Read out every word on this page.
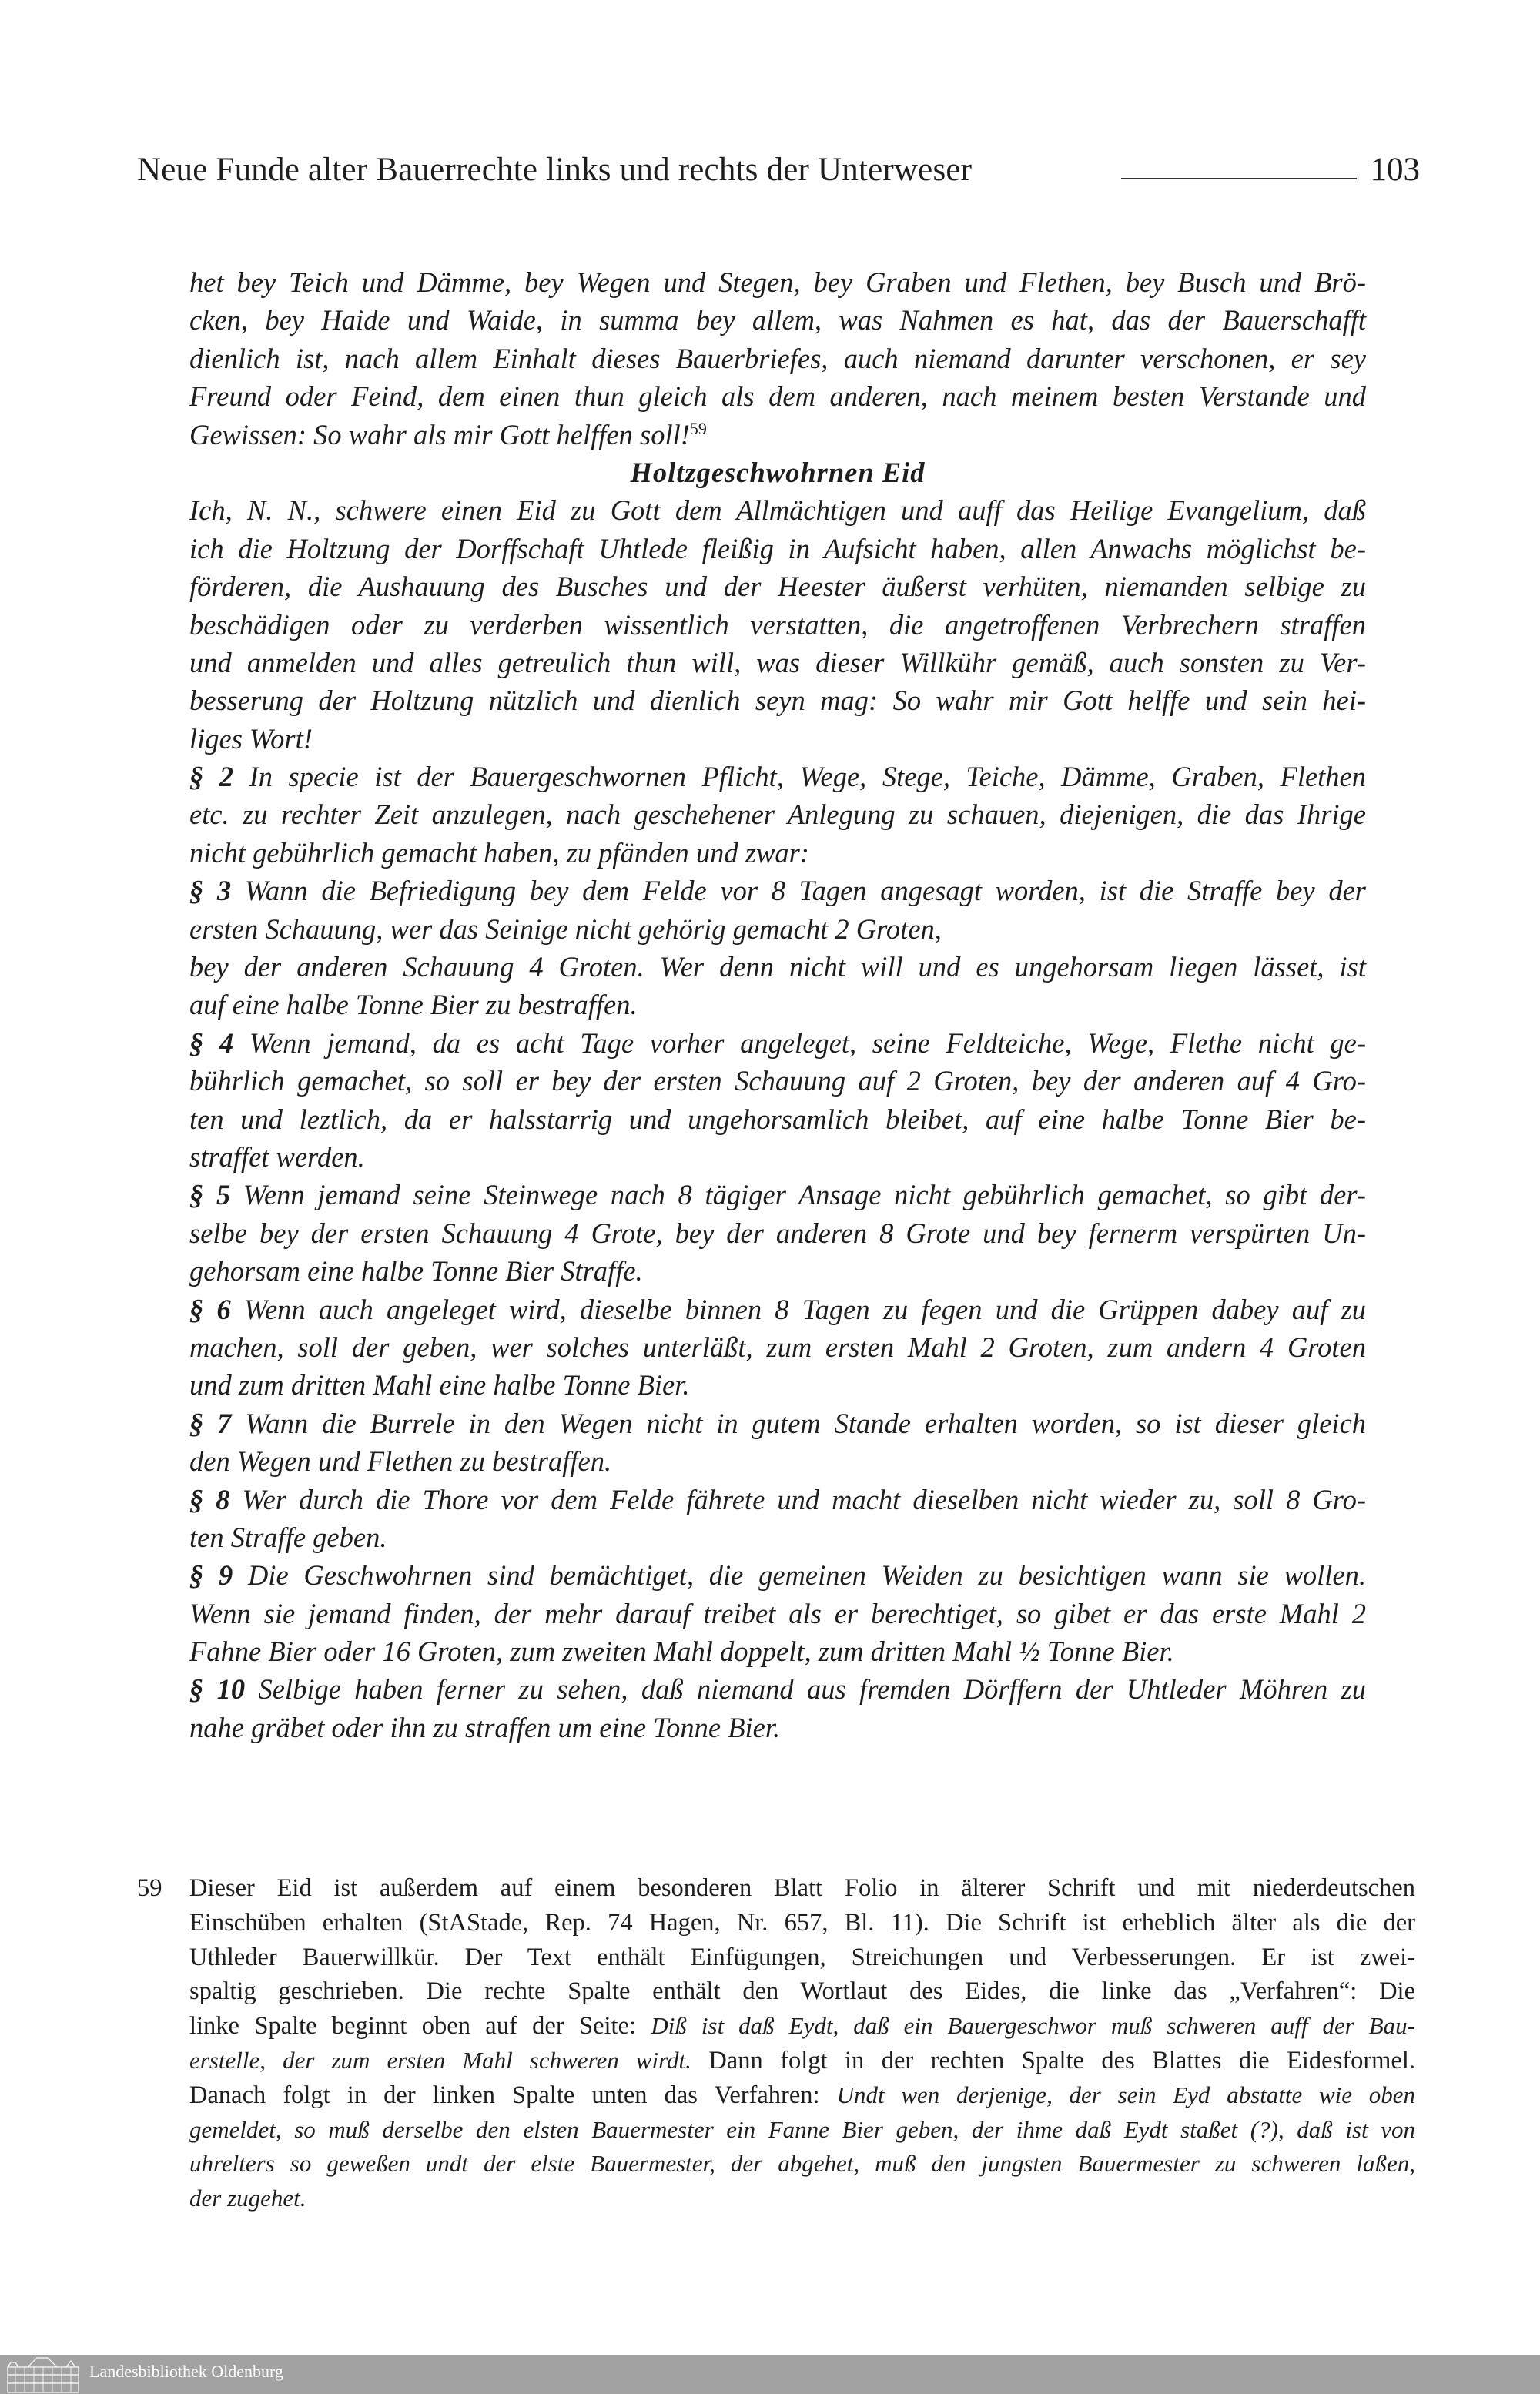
Neue Funde alter Bauerrechte links und rechts der Unterweser	103
het bey Teich und Dämme, bey Wegen und Stegen, bey Graben und Flethen, bey Busch und Brö-
cken, bey Haide und Waide, in summa bey allem, was Nahmen es hat, das der Bauerschafft
dienlich ist, nach allem Einhalt dieses Bauerbriefes, auch niemand darunter verschonen, er sey
Freund oder Feind, dem einen thun gleich als dem anderen, nach meinem besten Verstande und
Gewissen: So wahr als mir Gott helffen soll!$^{59}$
Holtzgeschwohrnen Eid
Ich, N. N., schwere einen Eid zu Gott dem Allmächtigen und auff das Heilige Evangelium, daß
ich die Holtzung der Dorffschaft Uhtlede fleißig in Aufsicht haben, allen Anwachs möglichst be-
förderen, die Aushauung des Busches und der Heester äußerst verhüten, niemanden selbige zu
beschädigen oder zu verderben wissentlich verstatten, die angetroffenen Verbrechern straffen
und anmelden und alles getreulich thun will, was dieser Willkühr gemäß, auch sonsten zu Ver-
besserung der Holtzung nützlich und dienlich seyn mag: So wahr mir Gott helffe und sein hei-
liges Wort!
§ 2 In specie ist der Bauergeschwornen Pflicht, Wege, Stege, Teiche, Dämme, Graben, Flethen
etc. zu rechter Zeit anzulegen, nach geschehener Anlegung zu schauen, diejenigen, die das Ihrige
nicht gebührlich gemacht haben, zu pfänden und zwar:
§ 3 Wann die Befriedigung bey dem Felde vor 8 Tagen angesagt worden, ist die Straffe bey der
ersten Schauung, wer das Seinige nicht gehörig gemacht 2 Groten,
bey der anderen Schauung 4 Groten. Wer denn nicht will und es ungehorsam liegen lässet, ist
auf eine halbe Tonne Bier zu bestraffen.
§ 4 Wenn jemand, da es acht Tage vorher angeleget, seine Feldteiche, Wege, Flethe nicht ge-
bührlich gemachet, so soll er bey der ersten Schauung auf 2 Groten, bey der anderen auf 4 Gro-
ten und leztlich, da er halsstarrig und ungehorsamlich bleibet, auf eine halbe Tonne Bier be-
straffet werden.
§ 5 Wenn jemand seine Steinwege nach 8 tägiger Ansage nicht gebührlich gemachet, so gibt der-
selbe bey der ersten Schauung 4 Grote, bey der anderen 8 Grote und bey fernerm verspürten Un-
gehorsam eine halbe Tonne Bier Straffe.
§ 6 Wenn auch angeleget wird, dieselbe binnen 8 Tagen zu fegen und die Grüppen dabey auf zu
machen, soll der geben, wer solches unterläßt, zum ersten Mahl 2 Groten, zum andern 4 Groten
und zum dritten Mahl eine halbe Tonne Bier.
§ 7 Wann die Burrele in den Wegen nicht in gutem Stande erhalten worden, so ist dieser gleich
den Wegen und Flethen zu bestraffen.
§ 8 Wer durch die Thore vor dem Felde fährete und macht dieselben nicht wieder zu, soll 8 Gro-
ten Straffe geben.
§ 9 Die Geschwohrnen sind bemächtiget, die gemeinen Weiden zu besichtigen wann sie wollen.
Wenn sie jemand finden, der mehr darauf treibet als er berechtiget, so gibet er das erste Mahl 2
Fahne Bier oder 16 Groten, zum zweiten Mahl doppelt, zum dritten Mahl ½ Tonne Bier.
§ 10 Selbige haben ferner zu sehen, daß niemand aus fremden Dörffern der Uhtleder Möhren zu
nahe gräbet oder ihn zu straffen um eine Tonne Bier.
59 Dieser Eid ist außerdem auf einem besonderen Blatt Folio in älterer Schrift und mit niederdeutschen
Einschüben erhalten (StAStade, Rep. 74 Hagen, Nr. 657, Bl. 11). Die Schrift ist erheblich älter als die der
Uthleder Bauerwillkür. Der Text enthält Einfügungen, Streichungen und Verbesserungen. Er ist zwei-
spaltig geschrieben. Die rechte Spalte enthält den Wortlaut des Eides, die linke das „Verfahren“: Die
linke Spalte beginnt oben auf der Seite: Diß ist daß Eydt, daß ein Bauergeschwor muß schweren auff der Bau-
erstelle, der zum ersten Mahl schweren wirdt. Dann folgt in der rechten Spalte des Blattes die Eidesformel.
Danach folgt in der linken Spalte unten das Verfahren: Undt wen derjenige, der sein Eyd abstatte wie oben
gemeldet, so muß derselbe den elsten Bauermester ein Fanne Bier geben, der ihme daß Eydt staßet (?), daß ist von
uhrelters so geweßen undt der elste Bauermester, der abgehet, muß den jungsten Bauermester zu schweren laßen,
der zugehet.
Landesbibliothek Oldenburg
